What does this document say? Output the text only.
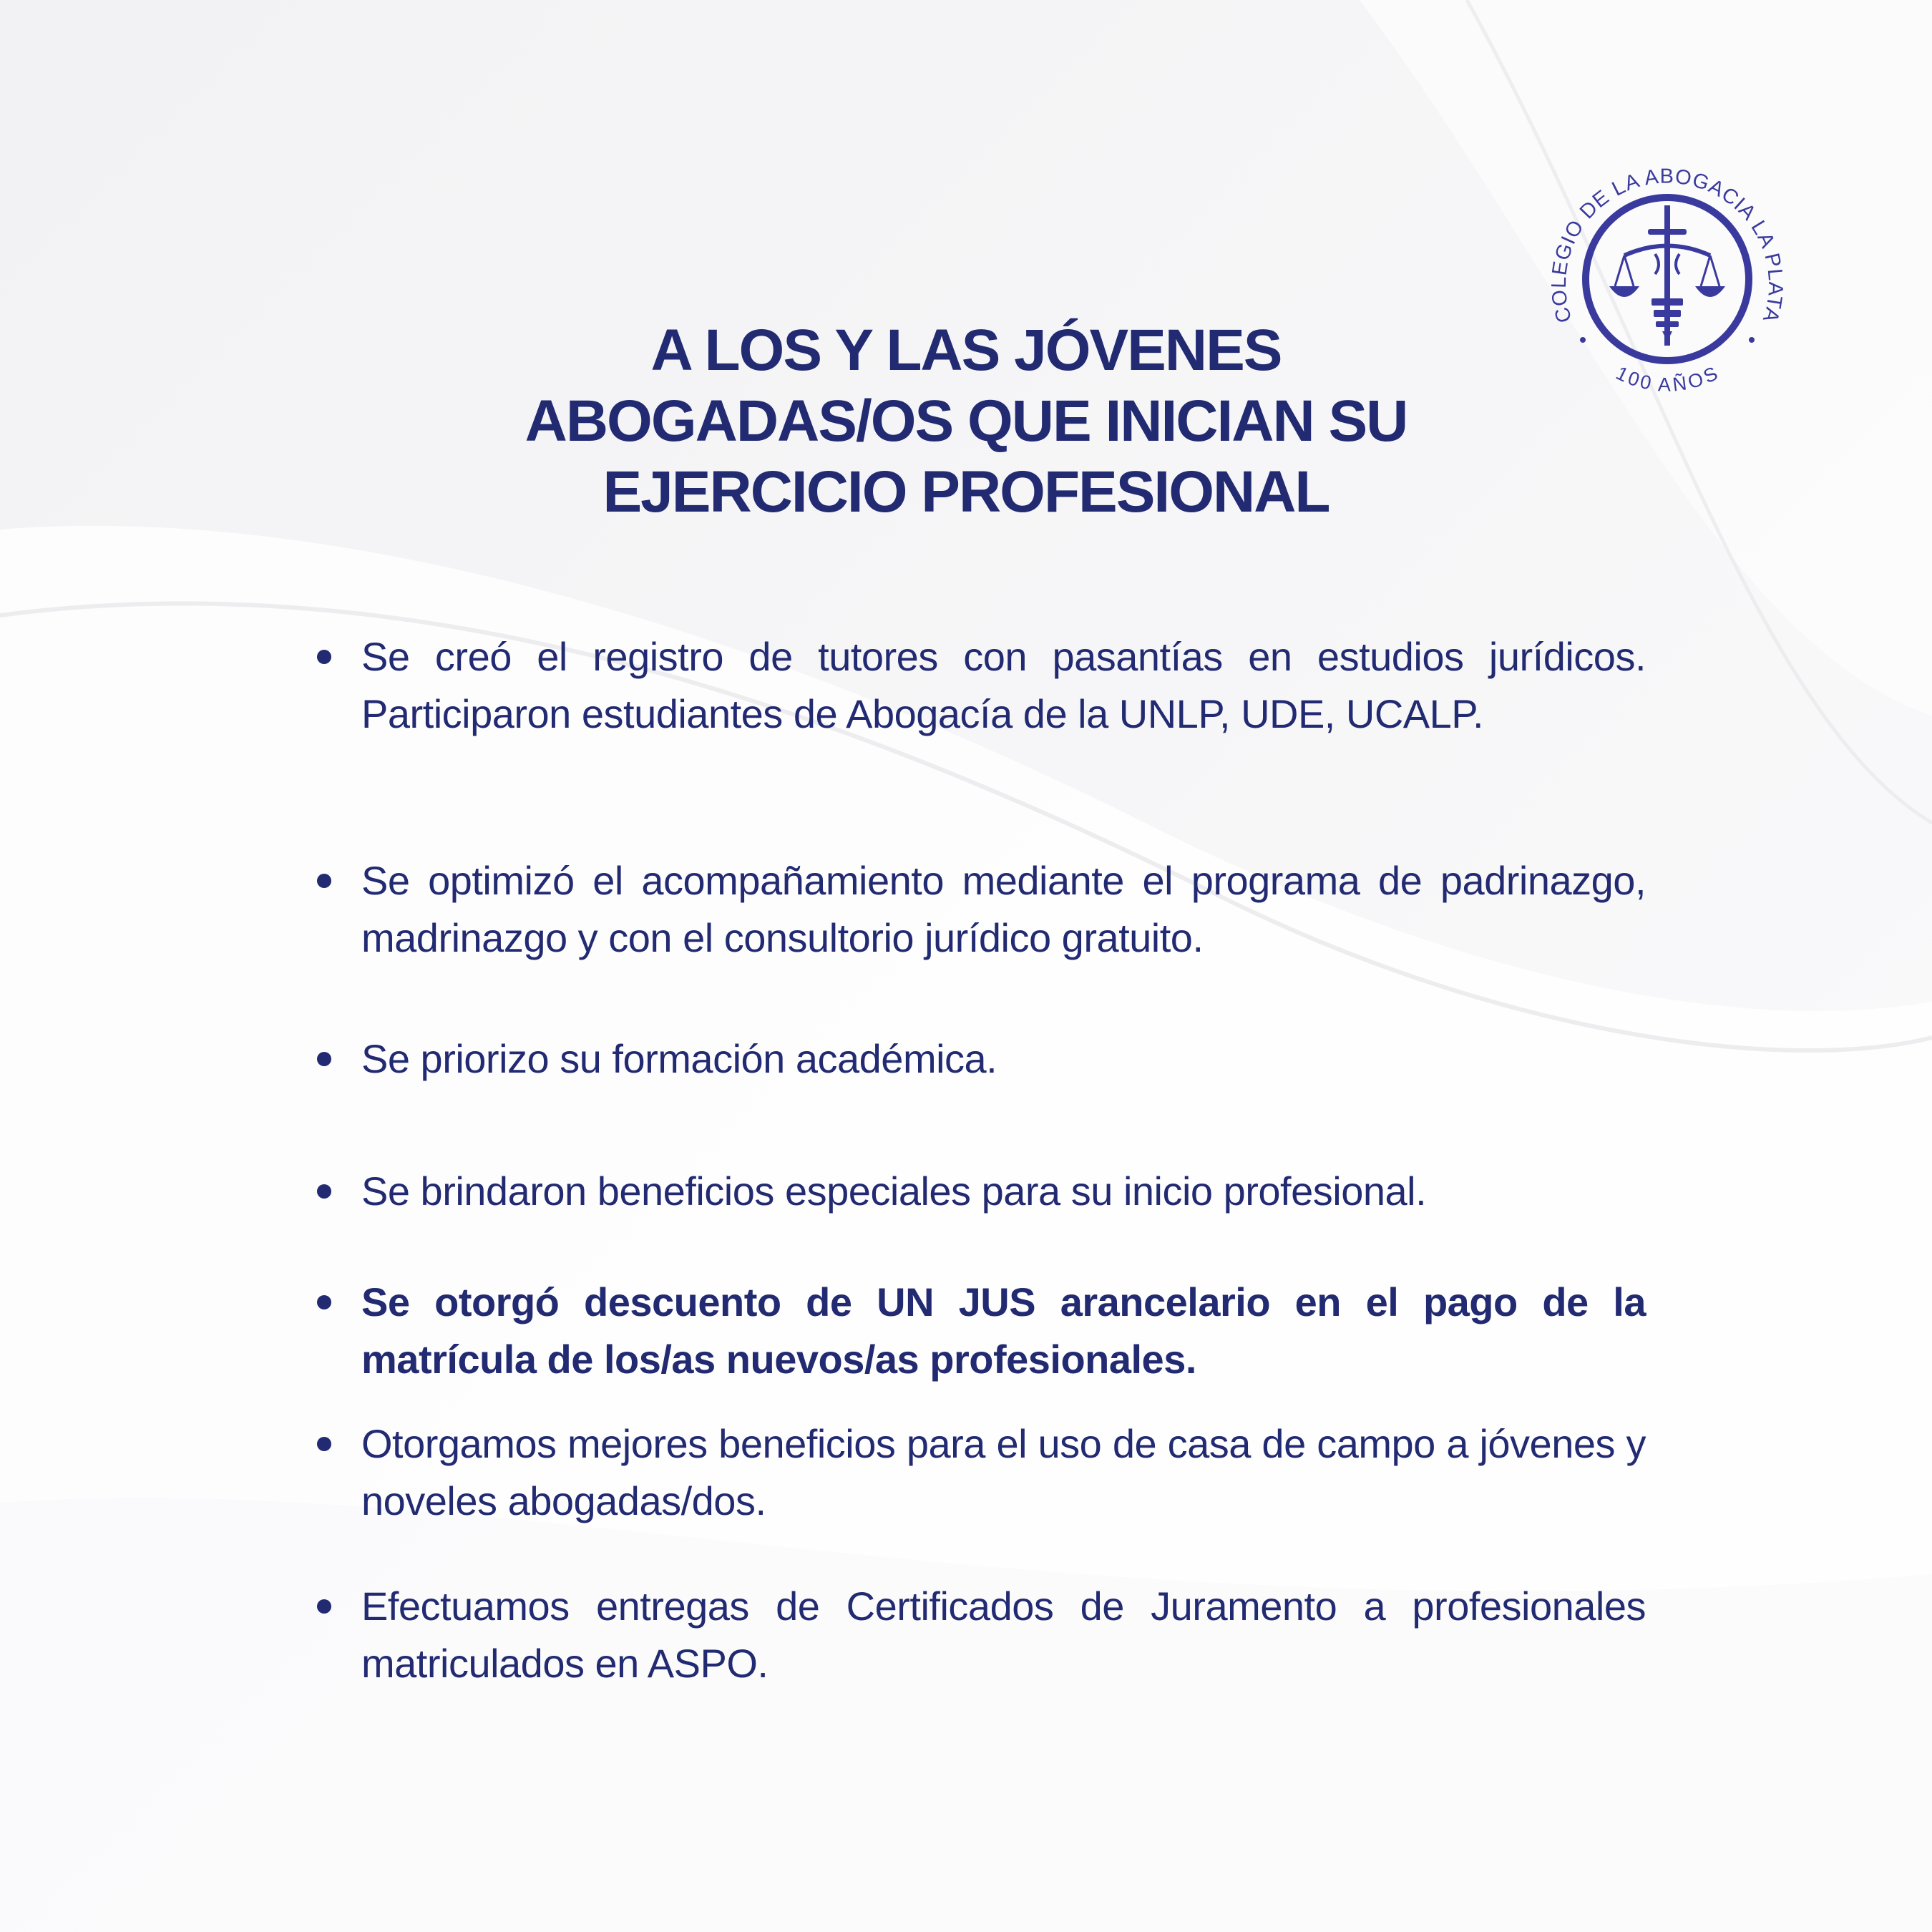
COLEGIO DE LA ABOGACIA LA PLATA
100 AÑOS
A LOS Y LAS JÓVENES
ABOGADAS/OS QUE INICIAN SU
EJERCICIO PROFESIONAL
Se creó el registro de tutores con pasantías en estudios jurídicos. Participaron estudiantes de Abogacía de la UNLP, UDE, UCALP.
Se optimizó el acompañamiento mediante el programa de padrinazgo, madrinazgo y con el consultorio jurídico gratuito.
Se priorizo su formación académica.
Se brindaron beneficios especiales para su inicio profesional.
Se otorgó descuento de UN JUS arancelario en el pago de la matrícula de los/as nuevos/as profesionales.
Otorgamos mejores beneficios para el uso de casa de campo a jóvenes y noveles abogadas/dos.
Efectuamos entregas de Certificados de Juramento a profesionales matriculados en ASPO.
